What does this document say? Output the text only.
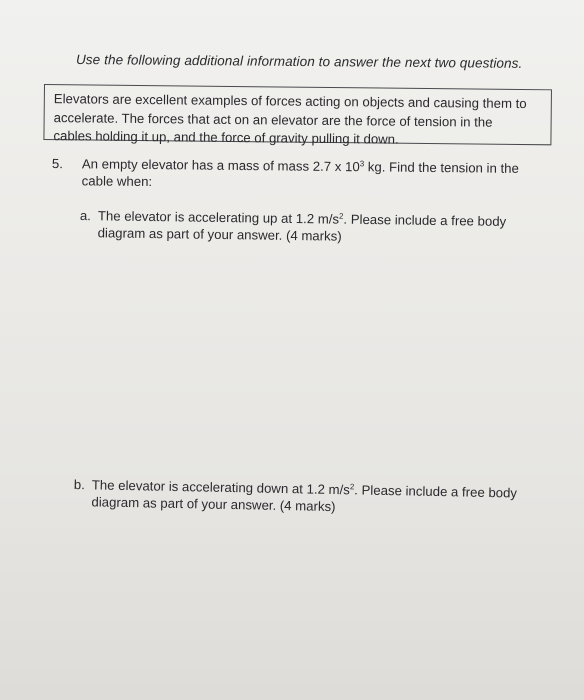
Use the following additional information to answer the next two questions.
Elevators are excellent examples of forces acting on objects and causing them to
accelerate. The forces that act on an elevator are the force of tension in the
cables holding it up, and the force of gravity pulling it down.
5. An empty elevator has a mass of mass 2.7 x $10^3$ kg. Find the tension in the
cable when:
a. The elevator is accelerating up at 1.2 $m/s^2$. Please include a free body
diagram as part of your answer. (4 marks)
b. The elevator is accelerating down at 1.2 $m/s^2$. Please include a free body
diagram as part of your answer. (4 marks)
